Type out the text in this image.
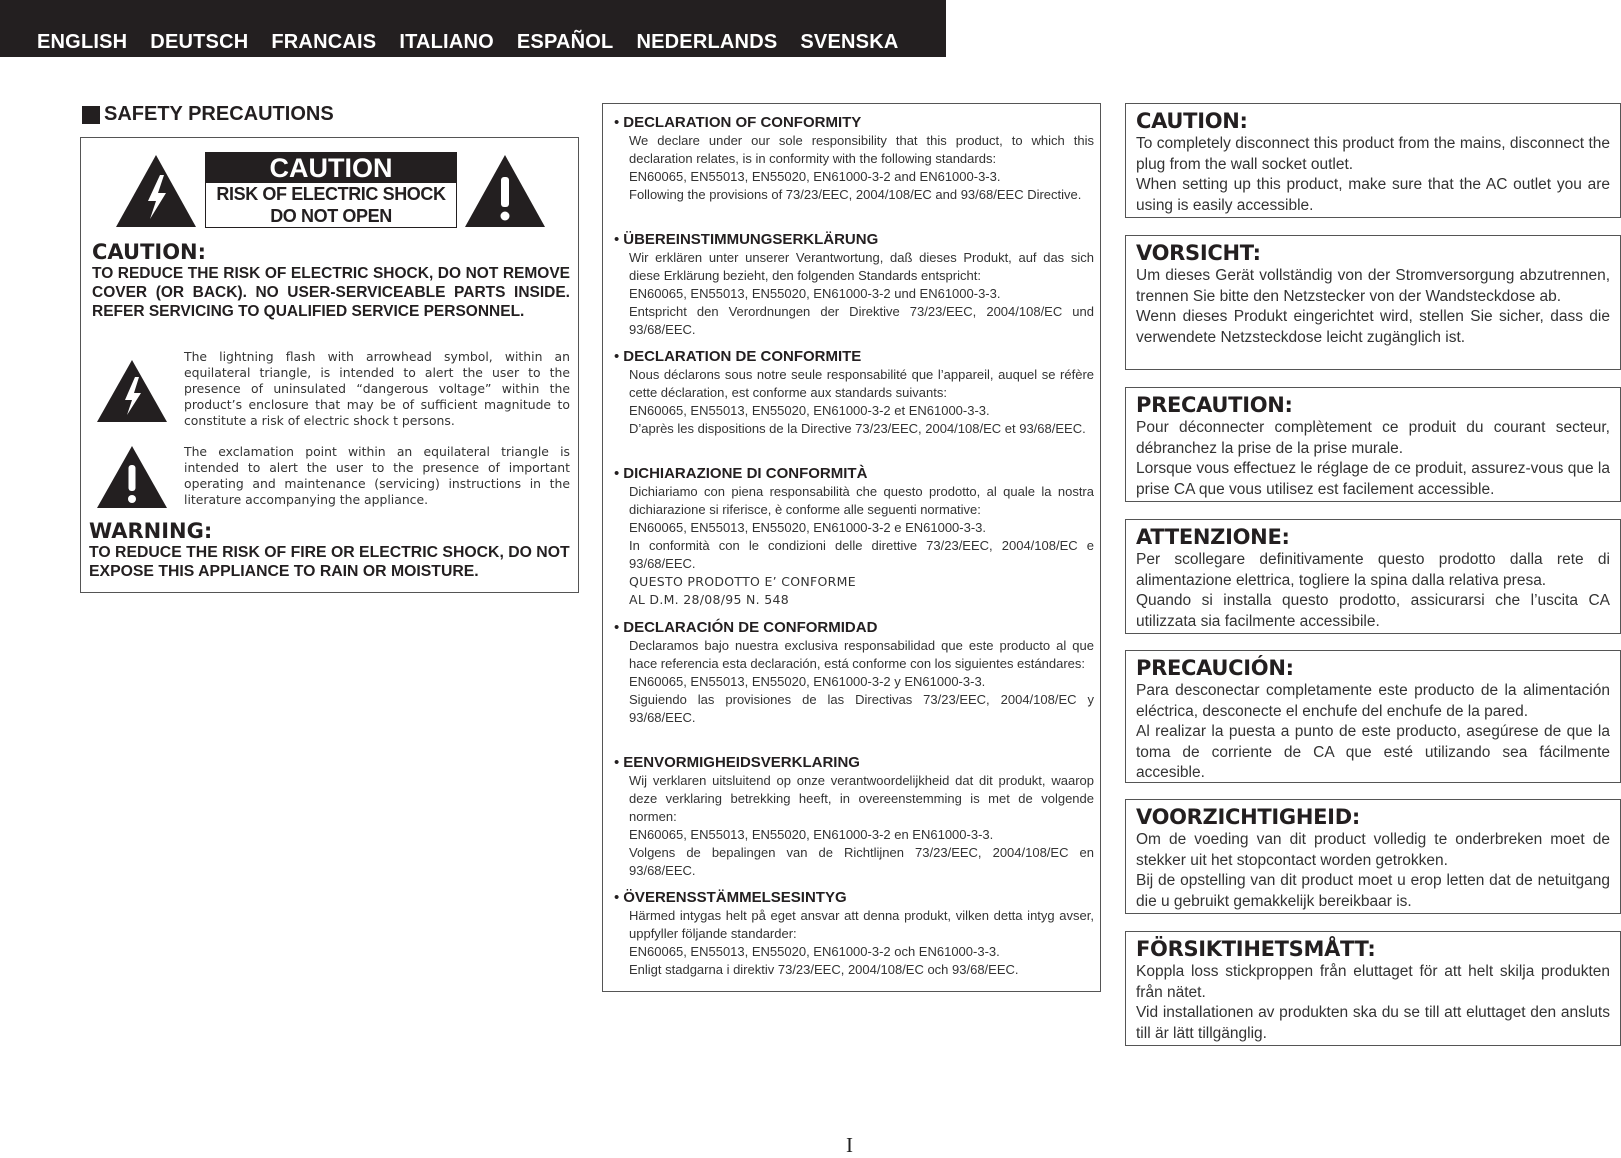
ENGLISH DEUTSCH FRANCAIS ITALIANO ESPAÑOL NEDERLANDS SVENSKA
SAFETY PRECAUTIONS
CAUTION
RISK OF ELECTRIC SHOCK
DO NOT OPEN
CAUTION:
TO REDUCE THE RISK OF ELECTRIC SHOCK, DO NOT REMOVE COVER (OR BACK). NO USER-SERVICEABLE PARTS INSIDE. REFER SERVICING TO QUALIFIED SERVICE PERSONNEL.
The lightning flash with arrowhead symbol, within an equilateral triangle, is intended to alert the user to the presence of uninsulated “dangerous voltage” within the product’s enclosure that may be of sufficient magnitude to constitute a risk of electric shock t persons.
The exclamation point within an equilateral triangle is intended to alert the user to the presence of important operating and maintenance (servicing) instructions in the literature accompanying the appliance.
WARNING:
TO REDUCE THE RISK OF FIRE OR ELECTRIC SHOCK, DO NOT EXPOSE THIS APPLIANCE TO RAIN OR MOISTURE.
• DECLARATION OF CONFORMITY
We declare under our sole responsibility that this product, to which this declaration relates, is in conformity with the following standards:
EN60065, EN55013, EN55020, EN61000-3-2 and EN61000-3-3.
Following the provisions of 73/23/EEC, 2004/108/EC and 93/68/EEC Directive.
• ÜBEREINSTIMMUNGSERKLÄRUNG
Wir erklären unter unserer Verantwortung, daß dieses Produkt, auf das sich diese Erklärung bezieht, den folgenden Standards entspricht:
EN60065, EN55013, EN55020, EN61000-3-2 und EN61000-3-3.
Entspricht den Verordnungen der Direktive 73/23/EEC, 2004/108/EC und 93/68/EEC.
• DECLARATION DE CONFORMITE
Nous déclarons sous notre seule responsabilité que l’appareil, auquel se réfère cette déclaration, est conforme aux standards suivants:
EN60065, EN55013, EN55020, EN61000-3-2 et EN61000-3-3.
D’après les dispositions de la Directive 73/23/EEC, 2004/108/EC et 93/68/EEC.
• DICHIARAZIONE DI CONFORMITÀ
Dichiariamo con piena responsabilità che questo prodotto, al quale la nostra dichiarazione si riferisce, è conforme alle seguenti normative:
EN60065, EN55013, EN55020, EN61000-3-2 e EN61000-3-3.
In conformità con le condizioni delle direttive 73/23/EEC, 2004/108/EC e 93/68/EEC.
QUESTO PRODOTTO E’ CONFORME
AL D.M. 28/08/95 N. 548
• DECLARACIÓN DE CONFORMIDAD
Declaramos bajo nuestra exclusiva responsabilidad que este producto al que hace referencia esta declaración, está conforme con los siguientes estándares:
EN60065, EN55013, EN55020, EN61000-3-2 y EN61000-3-3.
Siguiendo las provisiones de las Directivas 73/23/EEC, 2004/108/EC y 93/68/EEC.
• EENVORMIGHEIDSVERKLARING
Wij verklaren uitsluitend op onze verantwoordelijkheid dat dit produkt, waarop deze verklaring betrekking heeft, in overeenstemming is met de volgende normen:
EN60065, EN55013, EN55020, EN61000-3-2 en EN61000-3-3.
Volgens de bepalingen van de Richtlijnen 73/23/EEC, 2004/108/EC en 93/68/EEC.
• ÖVERENSSTÄMMELSESINTYG
Härmed intygas helt på eget ansvar att denna produkt, vilken detta intyg avser, uppfyller följande standarder:
EN60065, EN55013, EN55020, EN61000-3-2 och EN61000-3-3.
Enligt stadgarna i direktiv 73/23/EEC, 2004/108/EC och 93/68/EEC.
CAUTION:
To completely disconnect this product from the mains, disconnect the plug from the wall socket outlet.
When setting up this product, make sure that the AC outlet you are using is easily accessible.
VORSICHT:
Um dieses Gerät vollständig von der Stromversorgung abzutrennen, trennen Sie bitte den Netzstecker von der Wandsteckdose ab.
Wenn dieses Produkt eingerichtet wird, stellen Sie sicher, dass die verwendete Netzsteckdose leicht zugänglich ist.
PRECAUTION:
Pour déconnecter complètement ce produit du courant secteur, débranchez la prise de la prise murale.
Lorsque vous effectuez le réglage de ce produit, assurez-vous que la prise CA que vous utilisez est facilement accessible.
ATTENZIONE:
Per scollegare definitivamente questo prodotto dalla rete di alimentazione elettrica, togliere la spina dalla relativa presa.
Quando si installa questo prodotto, assicurarsi che l’uscita CA utilizzata sia facilmente accessibile.
PRECAUCIÓN:
Para desconectar completamente este producto de la alimentación eléctrica, desconecte el enchufe del enchufe de la pared.
Al realizar la puesta a punto de este producto, asegúrese de que la toma de corriente de CA que esté utilizando sea fácilmente accesible.
VOORZICHTIGHEID:
Om de voeding van dit product volledig te onderbreken moet de stekker uit het stopcontact worden getrokken.
Bij de opstelling van dit product moet u erop letten dat de netuitgang die u gebruikt gemakkelijk bereikbaar is.
FÖRSIKTIHETSMÅTT:
Koppla loss stickproppen från eluttaget för att helt skilja produkten från nätet.
Vid installationen av produkten ska du se till att eluttaget den ansluts till är lätt tillgänglig.
I
